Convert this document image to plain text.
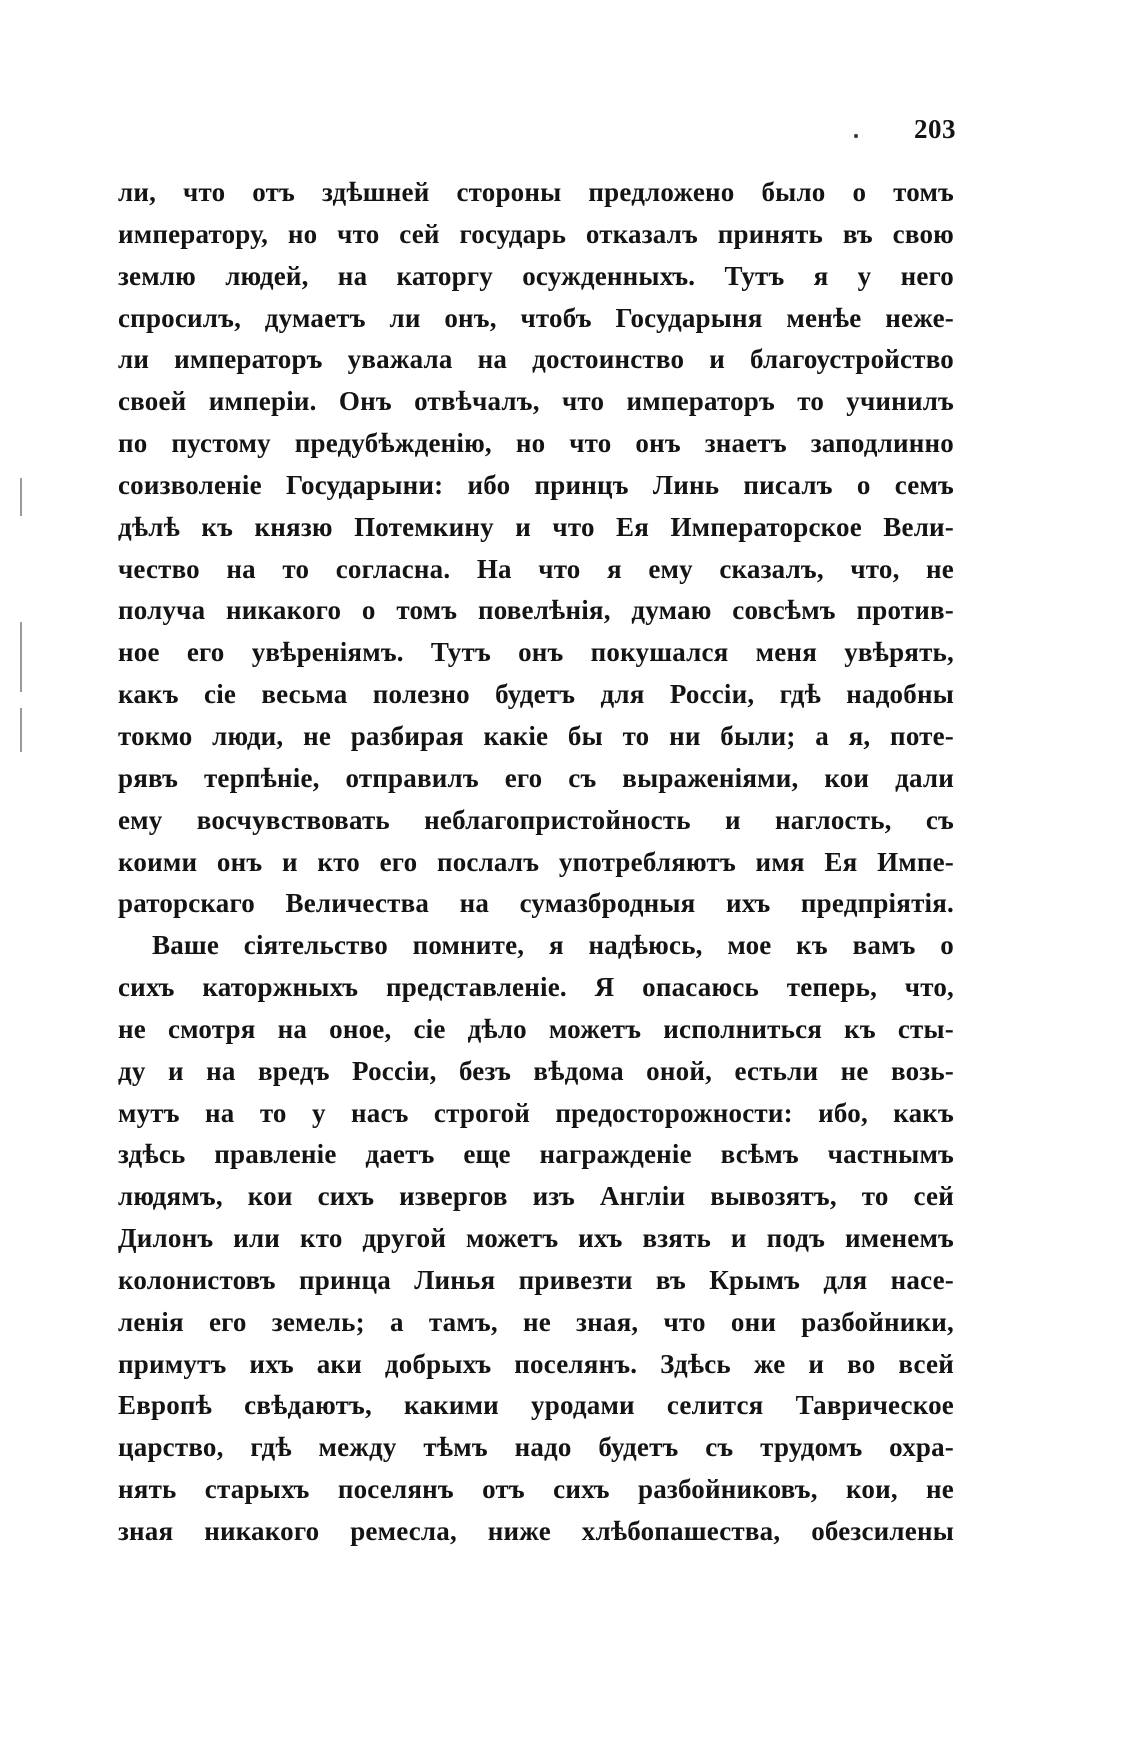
203
ли, что отъ здѣшней стороны предложено было о томъ
императору, но что сей государь отказалъ принять въ свою
землю людей, на каторгу осужденныхъ. Тутъ я у него
спросилъ, думаетъ ли онъ, чтобъ Государыня менѣе неже-
ли императоръ уважала на достоинство и благоустройство
своей имперіи. Онъ отвѣчалъ, что императоръ то учинилъ
по пустому предубѣжденію, но что онъ знаетъ заподлинно
соизволеніе Государыни: ибо принцъ Линь писалъ о семъ
дѣлѣ къ князю Потемкину и что Ея Императорское Вели-
чество на то согласна. На что я ему сказалъ, что, не
получа никакого о томъ повелѣнія, думаю совсѣмъ против-
ное его увѣреніямъ. Тутъ онъ покушался меня увѣрять,
какъ сіе весьма полезно будетъ для Россіи, гдѣ надобны
токмо люди, не разбирая какіе бы то ни были; а я, поте-
рявъ терпѣніе, отправилъ его съ выраженіями, кои дали
ему восчувствовать неблагопристойность и наглость, съ
коими онъ и кто его послалъ употребляютъ имя Ея Импе-
раторскаго Величества на сумазбродныя ихъ предпріятія.
Ваше сіятельство помните, я надѣюсь, мое къ вамъ о
сихъ каторжныхъ представленіе. Я опасаюсь теперь, что,
не смотря на оное, сіе дѣло можетъ исполниться къ сты-
ду и на вредъ Россіи, безъ вѣдома оной, естьли не возь-
мутъ на то у насъ строгой предосторожности: ибо, какъ
здѣсь правленіе даетъ еще награжденіе всѣмъ частнымъ
людямъ, кои сихъ извергов изъ Англіи вывозятъ, то сей
Дилонъ или кто другой можетъ ихъ взять и подъ именемъ
колонистовъ принца Линья привезти въ Крымъ для насе-
ленія его земель; а тамъ, не зная, что они разбойники,
примутъ ихъ аки добрыхъ поселянъ. Здѣсь же и во всей
Европѣ свѣдаютъ, какими уродами селится Таврическое
царство, гдѣ между тѣмъ надо будетъ съ трудомъ охра-
нять старыхъ поселянъ отъ сихъ разбойниковъ, кои, не
зная никакого ремесла, ниже хлѣбопашества, обезсилены
